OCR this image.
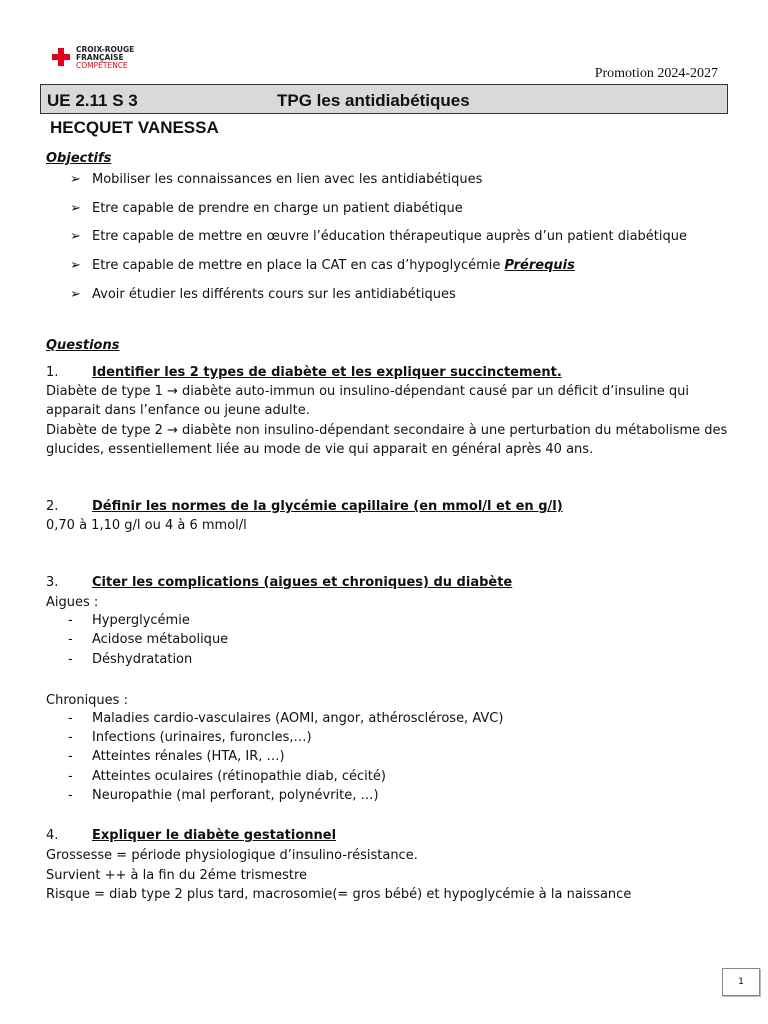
CROIX-ROUGE
FRANÇAISE
COMPÉTENCE
Promotion 2024-2027
UE 2.11 S 3	TPG les antidiabétiques
HECQUET VANESSA
Objectifs
➢ Mobiliser les connaissances en lien avec les antidiabétiques
➢ Etre capable de prendre en charge un patient diabétique
➢ Etre capable de mettre en œuvre l’éducation thérapeutique auprès d’un patient diabétique
➢ Etre capable de mettre en place la CAT en cas d’hypoglycémie Prérequis
➢ Avoir étudier les différents cours sur les antidiabétiques
Questions
1.	Identifier les 2 types de diabète et les expliquer succinctement.
Diabète de type 1 → diabète auto-immun ou insulino-dépendant causé par un déficit d’insuline qui
apparait dans l’enfance ou jeune adulte.
Diabète de type 2 → diabète non insulino-dépendant secondaire à une perturbation du métabolisme des
glucides, essentiellement liée au mode de vie qui apparait en général après 40 ans.
2.	Définir les normes de la glycémie capillaire (en mmol/l et en g/l)
0,70 à 1,10 g/l ou 4 à 6 mmol/l
3.	Citer les complications (aigues et chroniques) du diabète
Aigues :
- Hyperglycémie
- Acidose métabolique
- Déshydratation
Chroniques :
- Maladies cardio-vasculaires (AOMI, angor, athérosclérose, AVC)
- Infections (urinaires, furoncles,…)
- Atteintes rénales (HTA, IR, …)
- Atteintes oculaires (rétinopathie diab, cécité)
- Neuropathie (mal perforant, polynévrite, …)
4.	Expliquer le diabète gestationnel
Grossesse = période physiologique d’insulino-résistance.
Survient ++ à la fin du 2éme trismestre
Risque = diab type 2 plus tard, macrosomie(= gros bébé) et hypoglycémie à la naissance
1
